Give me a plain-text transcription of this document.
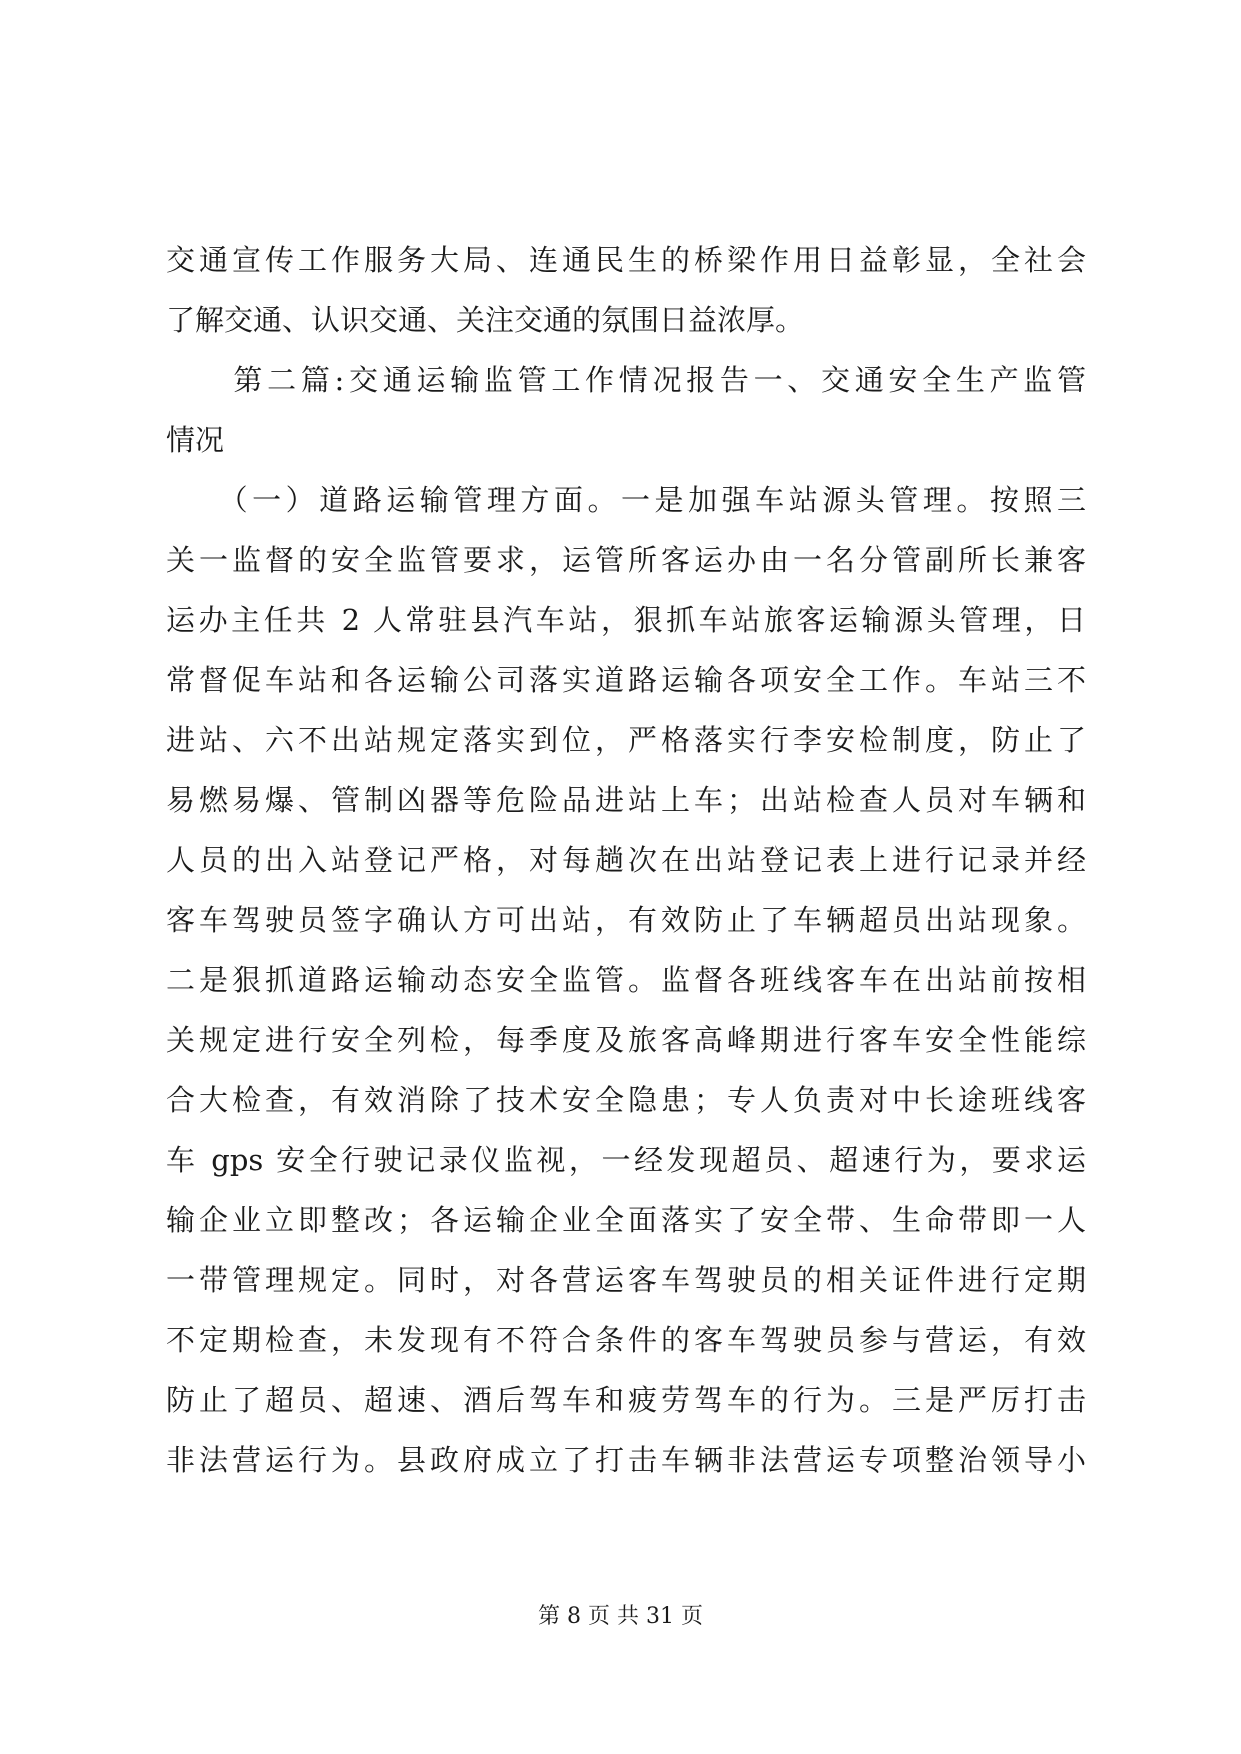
交通宣传工作服务大局、连通民生的桥梁作用日益彰显，全社会
了解交通、认识交通、关注交通的氛围日益浓厚。
　　第二篇:交通运输监管工作情况报告一、交通安全生产监管
情况
　　（一）道路运输管理方面。一是加强车站源头管理。按照三
关一监督的安全监管要求，运管所客运办由一名分管副所长兼客
运办主任共 2 人常驻县汽车站，狠抓车站旅客运输源头管理，日
常督促车站和各运输公司落实道路运输各项安全工作。车站三不
进站、六不出站规定落实到位，严格落实行李安检制度，防止了
易燃易爆、管制凶器等危险品进站上车；出站检查人员对车辆和
人员的出入站登记严格，对每趟次在出站登记表上进行记录并经
客车驾驶员签字确认方可出站，有效防止了车辆超员出站现象。
二是狠抓道路运输动态安全监管。监督各班线客车在出站前按相
关规定进行安全列检，每季度及旅客高峰期进行客车安全性能综
合大检查，有效消除了技术安全隐患；专人负责对中长途班线客
车 gps 安全行驶记录仪监视，一经发现超员、超速行为，要求运
输企业立即整改；各运输企业全面落实了安全带、生命带即一人
一带管理规定。同时，对各营运客车驾驶员的相关证件进行定期
不定期检查，未发现有不符合条件的客车驾驶员参与营运，有效
防止了超员、超速、酒后驾车和疲劳驾车的行为。三是严厉打击
非法营运行为。县政府成立了打击车辆非法营运专项整治领导小
第 8 页 共 31 页
